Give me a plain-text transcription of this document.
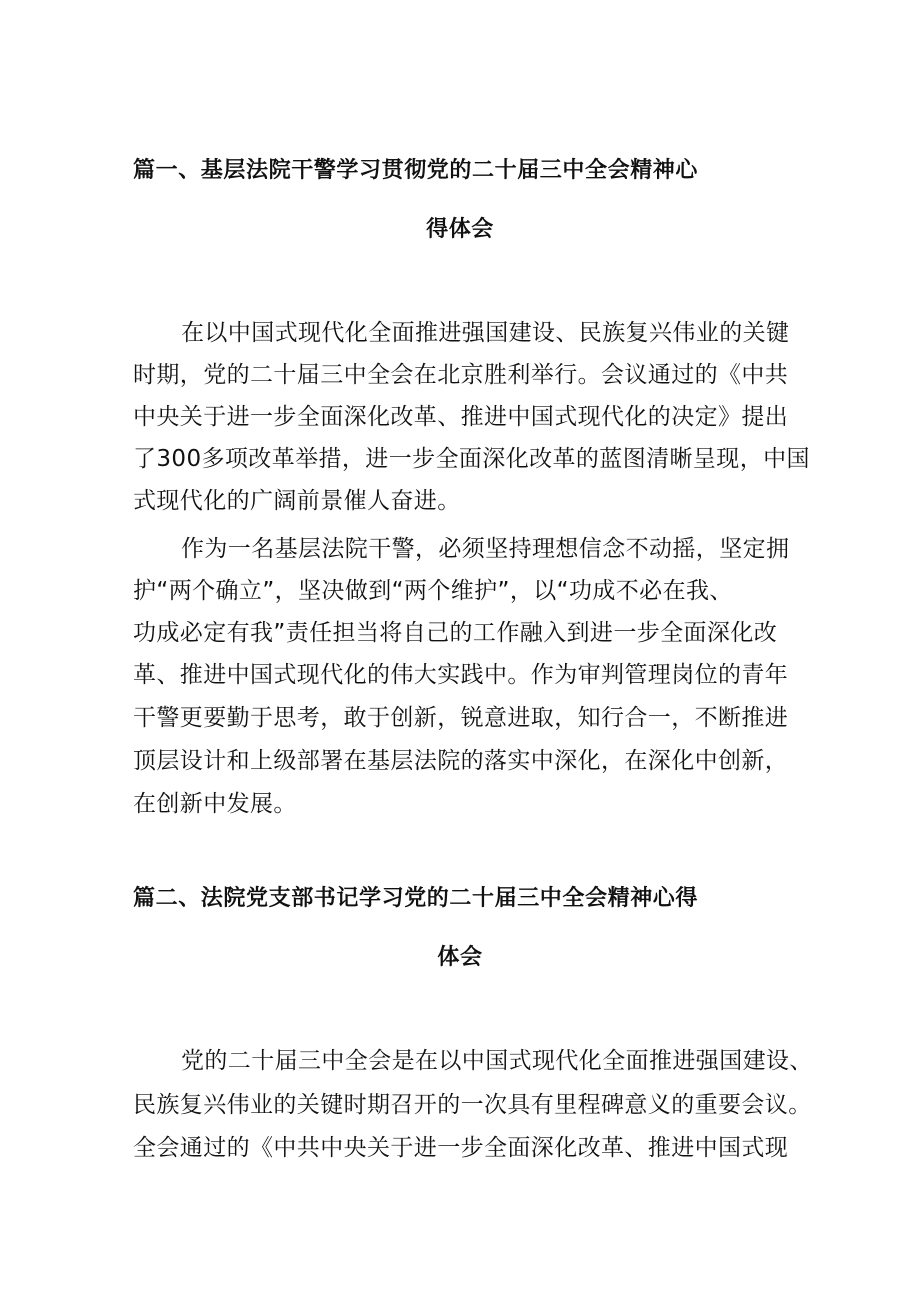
篇一、基层法院干警学习贯彻党的二十届三中全会精神心
得体会
在以中国式现代化全面推进强国建设、民族复兴伟业的关键
时期，党的二十届三中全会在北京胜利举行。会议通过的《中共
中央关于进一步全面深化改革、推进中国式现代化的决定》提出
了300多项改革举措，进一步全面深化改革的蓝图清晰呈现，中国
式现代化的广阔前景催人奋进。
作为一名基层法院干警，必须坚持理想信念不动摇，坚定拥
护“两个确立”，坚决做到“两个维护”，以“功成不必在我、
功成必定有我”责任担当将自己的工作融入到进一步全面深化改
革、推进中国式现代化的伟大实践中。作为审判管理岗位的青年
干警更要勤于思考，敢于创新，锐意进取，知行合一，不断推进
顶层设计和上级部署在基层法院的落实中深化，在深化中创新，
在创新中发展。
篇二、法院党支部书记学习党的二十届三中全会精神心得
体会
党的二十届三中全会是在以中国式现代化全面推进强国建设、
民族复兴伟业的关键时期召开的一次具有里程碑意义的重要会议。
全会通过的《中共中央关于进一步全面深化改革、推进中国式现
